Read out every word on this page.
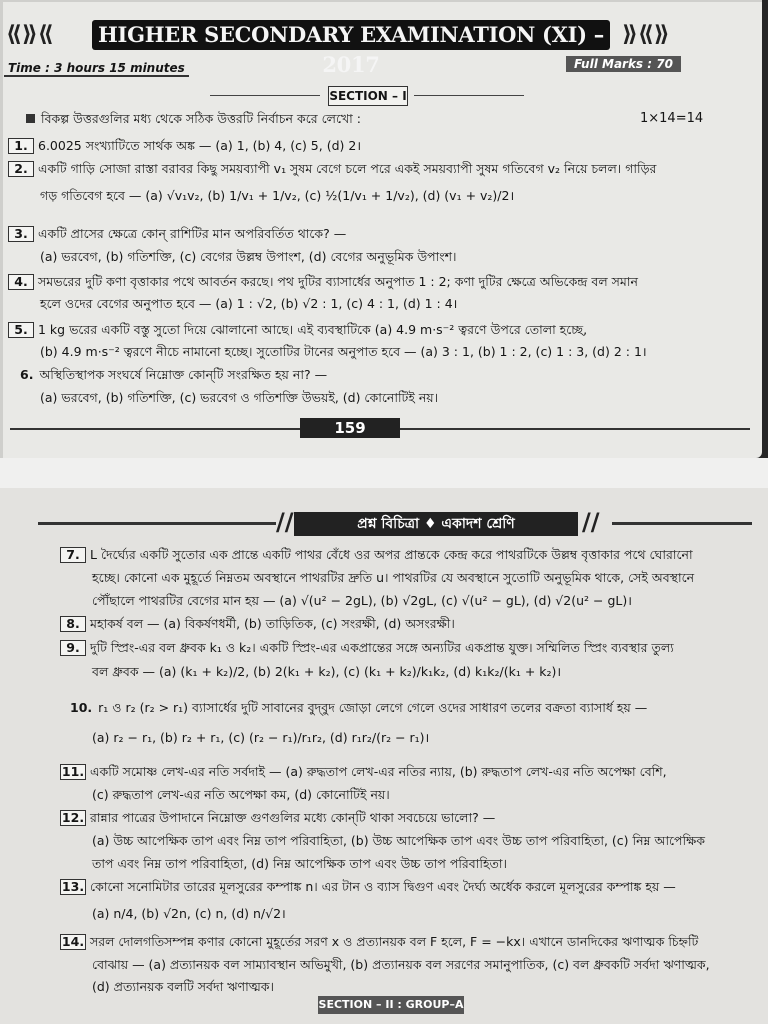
⟪⟫⟪ HIGHER SECONDARY EXAMINATION (XI) – 2017
⟫⟪⟫
Time : 3 hours 15 minutes	Full Marks : 70
SECTION – I
বিকল্প উত্তরগুলির মধ্য থেকে সঠিক উত্তরটি নির্বাচন করে লেখো :	1×14=14
1. 6.0025 সংখ্যাটিতে সার্থক অঙ্ক — (a) 1, (b) 4, (c) 5, (d) 2।
2. একটি গাড়ি সোজা রাস্তা বরাবর কিছু সময়ব্যাপী v₁ সুষম বেগে চলে পরে একই সময়ব্যাপী সুষম গতিবেগ v₂ নিয়ে চলল। গাড়ির
গড় গতিবেগ হবে — (a) √v₁v₂, (b) 1/v₁ + 1/v₂, (c) ½(1/v₁ + 1/v₂), (d) (v₁ + v₂)/2।
3. একটি প্রাসের ক্ষেত্রে কোন্ রাশিটির মান অপরিবর্তিত থাকে? —
(a) ভরবেগ, (b) গতিশক্তি, (c) বেগের উল্লম্ব উপাংশ, (d) বেগের অনুভূমিক উপাংশ।
4. সমভরের দুটি কণা বৃত্তাকার পথে আবর্তন করছে। পথ দুটির ব্যাসার্ধের অনুপাত 1 : 2; কণা দুটির ক্ষেত্রে অভিকেন্দ্র বল সমান
হলে ওদের বেগের অনুপাত হবে — (a) 1 : √2, (b) √2 : 1, (c) 4 : 1, (d) 1 : 4।
5. 1 kg ভরের একটি বস্তু সুতো দিয়ে ঝোলানো আছে। এই ব্যবস্থাটিকে (a) 4.9 m·s⁻² ত্বরণে উপরে তোলা হচ্ছে,
(b) 4.9 m·s⁻² ত্বরণে নীচে নামানো হচ্ছে। সুতোটির টানের অনুপাত হবে — (a) 3 : 1, (b) 1 : 2, (c) 1 : 3, (d) 2 : 1।
6. অস্থিতিস্থাপক সংঘর্ষে নিম্নোক্ত কোন্‌টি সংরক্ষিত হয় না? —
(a) ভরবেগ, (b) গতিশক্তি, (c) ভরবেগ ও গতিশক্তি উভয়ই, (d) কোনোটিই নয়।
159
//	প্রশ্ন বিচিত্রা ♦ একাদশ শ্রেণি	//
7. L দৈর্ঘ্যের একটি সুতোর এক প্রান্তে একটি পাথর বেঁধে ওর অপর প্রান্তকে কেন্দ্র করে পাথরটিকে উল্লম্ব বৃত্তাকার পথে ঘোরানো
হচ্ছে। কোনো এক মুহূর্তে নিম্নতম অবস্থানে পাথরটির দ্রুতি u। পাথরটির যে অবস্থানে সুতোটি অনুভূমিক থাকে, সেই অবস্থানে
পৌঁছালে পাথরটির বেগের মান হয় — (a) √(u² − 2gL), (b) √2gL, (c) √(u² − gL), (d) √2(u² − gL)।
8. মহাকর্ষ বল — (a) বিকর্ষণধর্মী, (b) তাড়িতিক, (c) সংরক্ষী, (d) অসংরক্ষী।
9. দুটি স্প্রিং-এর বল ধ্রুবক k₁ ও k₂। একটি স্প্রিং-এর একপ্রান্তের সঙ্গে অন্যটির একপ্রান্ত যুক্ত। সম্মিলিত স্প্রিং ব্যবস্থার তুল্য
বল ধ্রুবক — (a) (k₁ + k₂)/2, (b) 2(k₁ + k₂), (c) (k₁ + k₂)/k₁k₂, (d) k₁k₂/(k₁ + k₂)।
10. r₁ ও r₂ (r₂ > r₁) ব্যাসার্ধের দুটি সাবানের বুদ্‌বুদ জোড়া লেগে গেলে ওদের সাধারণ তলের বক্রতা ব্যাসার্ধ হয় —
(a) r₂ − r₁, (b) r₂ + r₁, (c) (r₂ − r₁)/r₁r₂, (d) r₁r₂/(r₂ − r₁)।
11. একটি সমোষ্ণ লেখ-এর নতি সর্বদাই — (a) রুদ্ধতাপ লেখ-এর নতির ন্যায়, (b) রুদ্ধতাপ লেখ-এর নতি অপেক্ষা বেশি,
(c) রুদ্ধতাপ লেখ-এর নতি অপেক্ষা কম, (d) কোনোটিই নয়।
12. রান্নার পাত্রের উপাদানে নিম্নোক্ত গুণগুলির মধ্যে কোন্‌টি থাকা সবচেয়ে ভালো? —
(a) উচ্চ আপেক্ষিক তাপ এবং নিম্ন তাপ পরিবাহিতা, (b) উচ্চ আপেক্ষিক তাপ এবং উচ্চ তাপ পরিবাহিতা, (c) নিম্ন আপেক্ষিক
তাপ এবং নিম্ন তাপ পরিবাহিতা, (d) নিম্ন আপেক্ষিক তাপ এবং উচ্চ তাপ পরিবাহিতা।
13. কোনো সনোমিটার তারের মূলসুরের কম্পাঙ্ক n। এর টান ও ব্যাস দ্বিগুণ এবং দৈর্ঘ্য অর্ধেক করলে মূলসুরের কম্পাঙ্ক হয় —
(a) n/4, (b) √2n, (c) n, (d) n/√2।
14. সরল দোলগতিসম্পন্ন কণার কোনো মুহূর্তের সরণ x ও প্রত্যানয়ক বল F হলে, F = −kx। এখানে ডানদিকের ঋণাত্মক চিহ্নটি
বোঝায় — (a) প্রত্যানয়ক বল সাম্যাবস্থান অভিমুখী, (b) প্রত্যানয়ক বল সরণের সমানুপাতিক, (c) বল ধ্রুবকটি সর্বদা ঋণাত্মক,
(d) প্রত্যানয়ক বলটি সর্বদা ঋণাত্মক।
SECTION – II : GROUP–A
